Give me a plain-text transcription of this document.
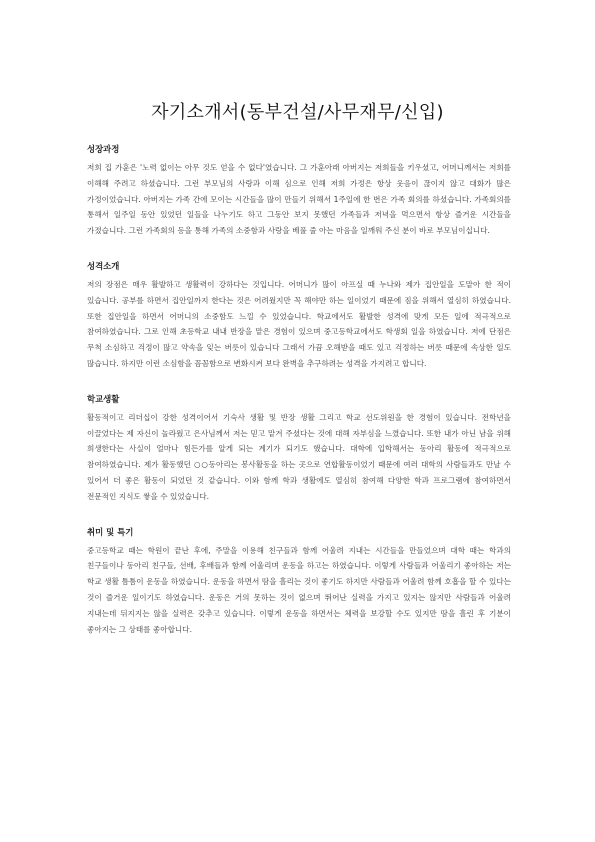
자기소개서(동부건설/사무재무/신입)
성장과정

저희 집 가훈은 '노력 없이는 아무 것도 얻을 수 없다'였습니다. 그 가훈아래 아버지는 저희들을 키우셨고, 어머니께서는 저희를 이해해 주려고 하셨습니다. 그런 부모님의 사랑과 이해 심으로 인해 저희 가정은 항상 웃음이 끊이지 않고 대화가 많은 가정이었습니다. 아버지는 가족 간에 모이는 시간들을 많이 만들기 위해서 1주일에 한 번은 가족 회의를 하셨습니다. 가족회의를 통해서 일주일 동안 있었던 일들을 나누기도 하고 그동안 보지 못했던 가족들과 저녁을 먹으면서 항상 즐거운 시간들을 가졌습니다. 그런 가족회의 등을 통해 가족의 소중함과 사랑을 베풀 줄 아는 마음을 일깨워 주신 분이 바로 부모님이십니다.

성격소개

저의 장점은 매우 활발하고 생활력이 강하다는 것입니다. 어머니가 많이 아프실 때 누나와 제가 집안일을 도맡아 한 적이 있습니다. 공부를 하면서 집안일까지 한다는 것은 어려웠지만 꼭 해야만 하는 일이었기 때문에 짐을 위해서 열심히 하였습니다. 또한 집안일을 하면서 어머니의 소중함도 느낄 수 있었습니다. 학교에서도 활발한 성격에 맞게 모든 일에 적극적으로 참여하였습니다. 그로 인해 초등학교 내내 반장을 맡은 경험이 있으며 중고등학교에서도 학생회 일을 하였습니다. 저에 단점은 무척 소심하고 걱정이 많고 약속을 잊는 버릇이 있습니다 그래서 가끔 오해받을 때도 있고 걱정하는 버릇 때문에 속상한 일도 많습니다. 하지만 이런 소심함을 꼼꼼함으로 변화시켜 보다 완벽을 추구하려는 성격을 가지려고 합니다.

학교생활

활동적이고 리더십이 강한 성격이어서 기숙사 생활 및 반장 생활 그리고 학교 선도위원을 한 경험이 있습니다. 전학년을 이끌었다는 제 자신이 놀라웠고 은사님께서 저는 믿고 맡겨 주셨다는 것에 대해 자부심을 느꼈습니다. 또한 내가 아닌 남을 위해 희생한다는 사실이 얼마나 힘든가를 알게 되는 계기가 되기도 했습니다. 대학에 입학해서는 동아리 활동에 적극적으로 참여하였습니다. 제가 활동했던 ○○동아리는 봉사활동을 하는 곳으로 연합활동이었기 때문에 여러 대학의 사람들과도 만날 수 있어서 더 좋은 활동이 되었던 것 같습니다. 이와 함께 학과 생활에도 열심히 참여해 다양한 학과 프로그램에 참여하면서 전문적인 지식도 쌓을 수 있었습니다.

취미 및 특기

중고등학교 때는 학원이 끝난 후에, 주말을 이용해 친구들과 함께 어울려 지내는 시간들을 만들었으며 대학 때는 학과의 친구들이나 동아리 친구들, 선배, 후배들과 함께 어울리며 운동을 하고는 하였습니다. 이렇게 사람들과 어울리기 좋아하는 저는 학교 생활 틈틈이 운동을 하였습니다. 운동을 하면서 땀을 흘리는 것이 좋기도 하지만 사람들과 어울려 함께 호흡을 할 수 있다는 것이 즐거운 일이기도 하였습니다. 운동은 거의 못하는 것이 없으며 뛰어난 실력을 가지고 있지는 않지만 사람들과 어울려 지내는데 뒤지지는 않을 실력은 갖추고 있습니다. 이렇게 운동을 하면서는 체력을 보강할 수도 있지만 땀을 흘린 후 기분이 좋아지는 그 상태를 좋아합니다.
